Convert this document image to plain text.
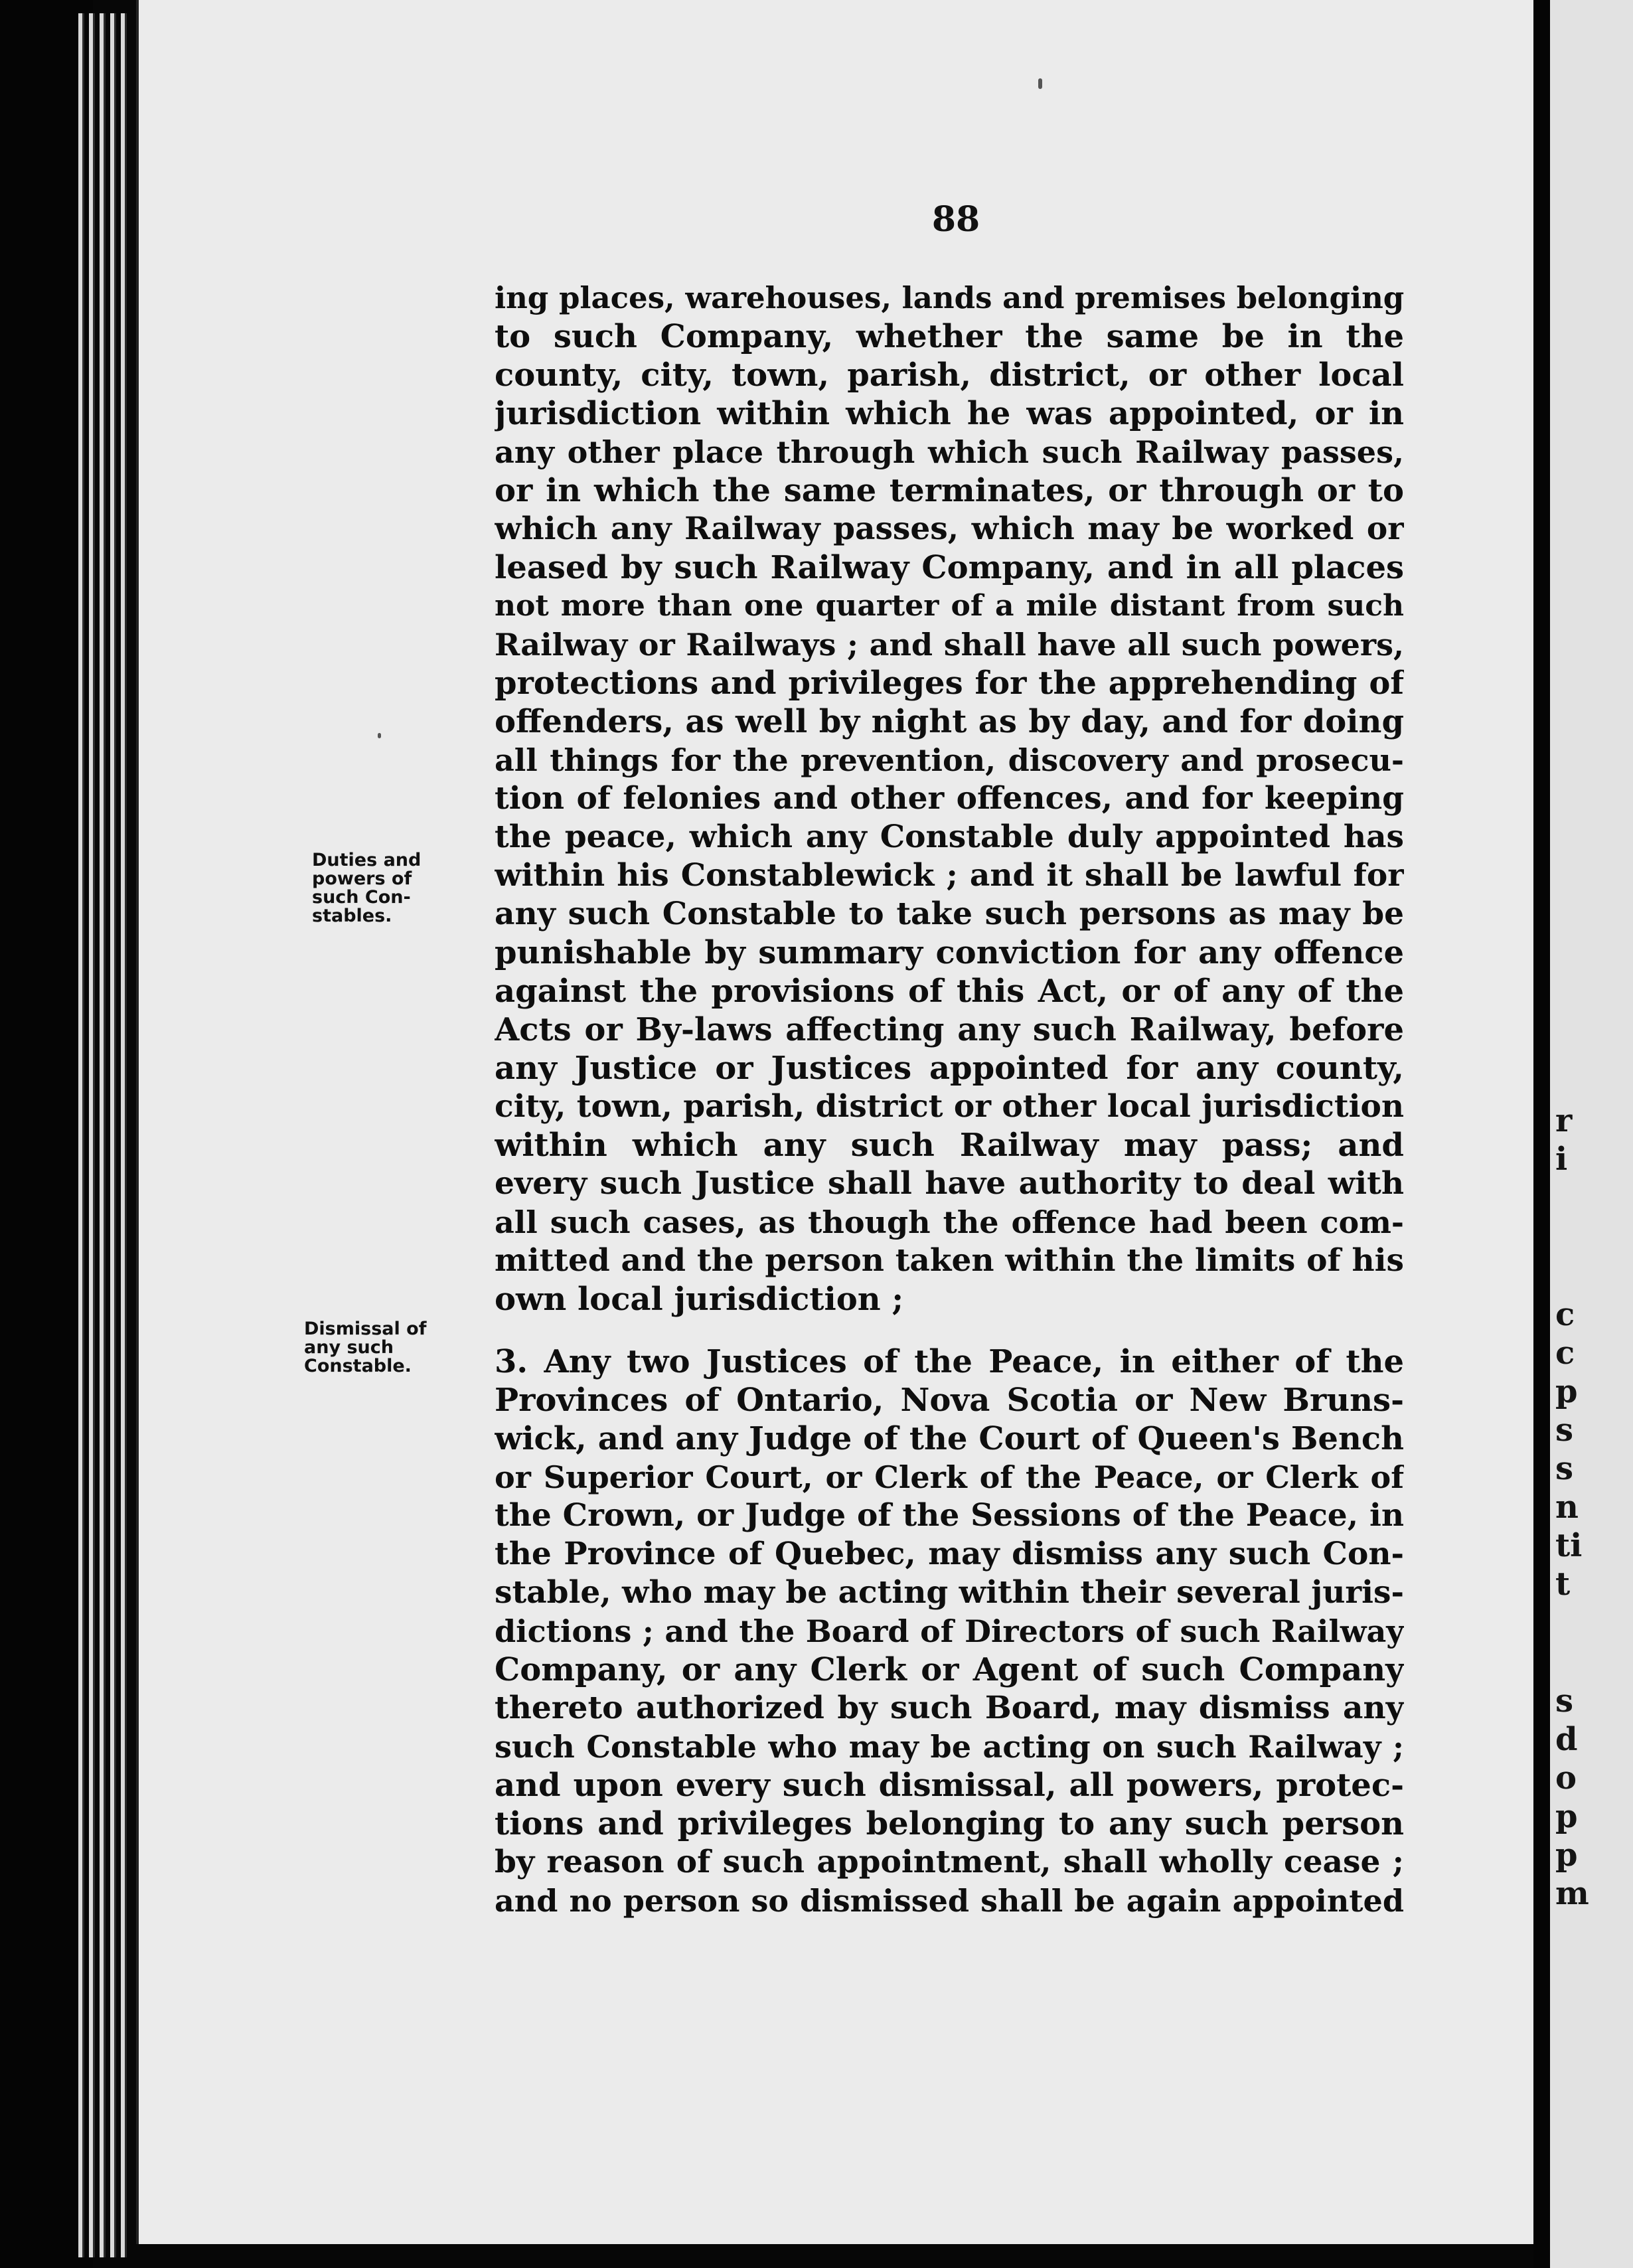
88
Duties and
powers of
such Con-
stables.
Dismissal of
any such
Constable.
ing places, warehouses, lands and premises belonging
to such Company, whether the same be in the
county, city, town, parish, district, or other local
jurisdiction within which he was appointed, or in
any other place through which such Railway passes,
or in which the same terminates, or through or to
which any Railway passes, which may be worked or
leased by such Railway Company, and in all places
not more than one quarter of a mile distant from such
Railway or Railways ; and shall have all such powers,
protections and privileges for the apprehending of
offenders, as well by night as by day, and for doing
all things for the prevention, discovery and prosecu-
tion of felonies and other offences, and for keeping
the peace, which any Constable duly appointed has
within his Constablewick ; and it shall be lawful for
any such Constable to take such persons as may be
punishable by summary conviction for any offence
against the provisions of this Act, or of any of the
Acts or By-laws affecting any such Railway, before
any Justice or Justices appointed for any county,
city, town, parish, district or other local jurisdiction
within which any such Railway may pass; and
every such Justice shall have authority to deal with
all such cases, as though the offence had been com-
mitted and the person taken within the limits of his
own local jurisdiction ;
3. Any two Justices of the Peace, in either of the
Provinces of Ontario, Nova Scotia or New Bruns-
wick, and any Judge of the Court of Queen's Bench
or Superior Court, or Clerk of the Peace, or Clerk of
the Crown, or Judge of the Sessions of the Peace, in
the Province of Quebec, may dismiss any such Con-
stable, who may be acting within their several juris-
dictions ; and the Board of Directors of such Railway
Company, or any Clerk or Agent of such Company
thereto authorized by such Board, may dismiss any
such Constable who may be acting on such Railway ;
and upon every such dismissal, all powers, protec-
tions and privileges belonging to any such person
by reason of such appointment, shall wholly cease ;
and no person so dismissed shall be again appointed
r
i
c
c
p
s
s
n
ti
t
s
d
o
p
p
m
